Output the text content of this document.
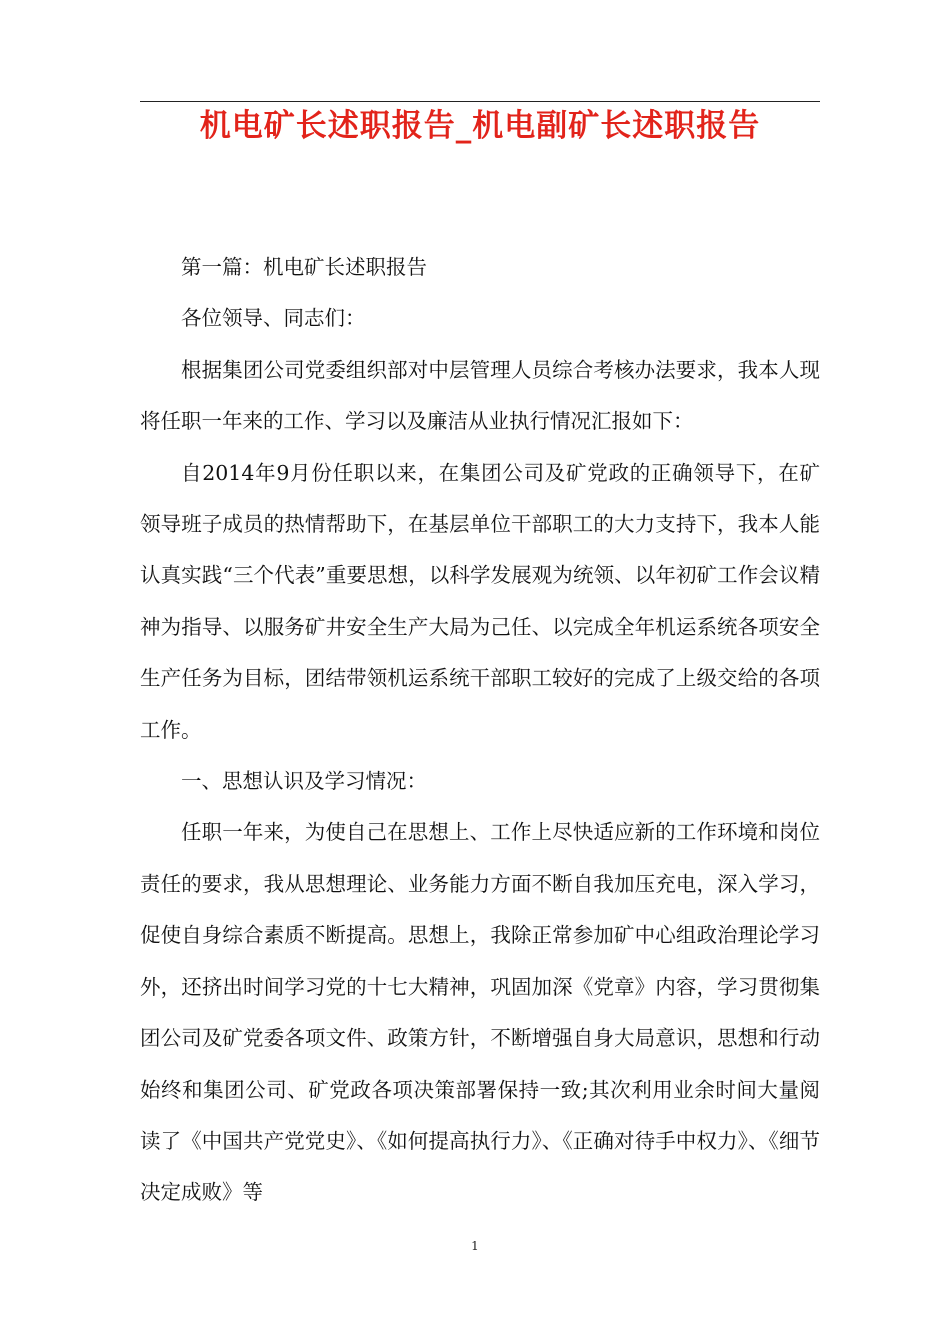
机电矿长述职报告_机电副矿长述职报告

第一篇：机电矿长述职报告

各位领导、同志们：

根据集团公司党委组织部对中层管理人员综合考核办法要求，我本人现将任职一年来的工作、学习以及廉洁从业执行情况汇报如下：

自2014年9月份任职以来，在集团公司及矿党政的正确领导下，在矿领导班子成员的热情帮助下，在基层单位干部职工的大力支持下，我本人能认真实践“三个代表”重要思想，以科学发展观为统领、以年初矿工作会议精神为指导、以服务矿井安全生产大局为己任、以完成全年机运系统各项安全生产任务为目标，团结带领机运系统干部职工较好的完成了上级交给的各项工作。

一、思想认识及学习情况：

任职一年来，为使自己在思想上、工作上尽快适应新的工作环境和岗位责任的要求，我从思想理论、业务能力方面不断自我加压充电，深入学习，促使自身综合素质不断提高。思想上，我除正常参加矿中心组政治理论学习外，还挤出时间学习党的十七大精神，巩固加深《党章》内容，学习贯彻集团公司及矿党委各项文件、政策方针，不断增强自身大局意识，思想和行动始终和集团公司、矿党政各项决策部署保持一致;其次利用业余时间大量阅读了《中国共产党党史》、《如何提高执行力》、《正确对待手中权力》、《细节决定成败》等

1
